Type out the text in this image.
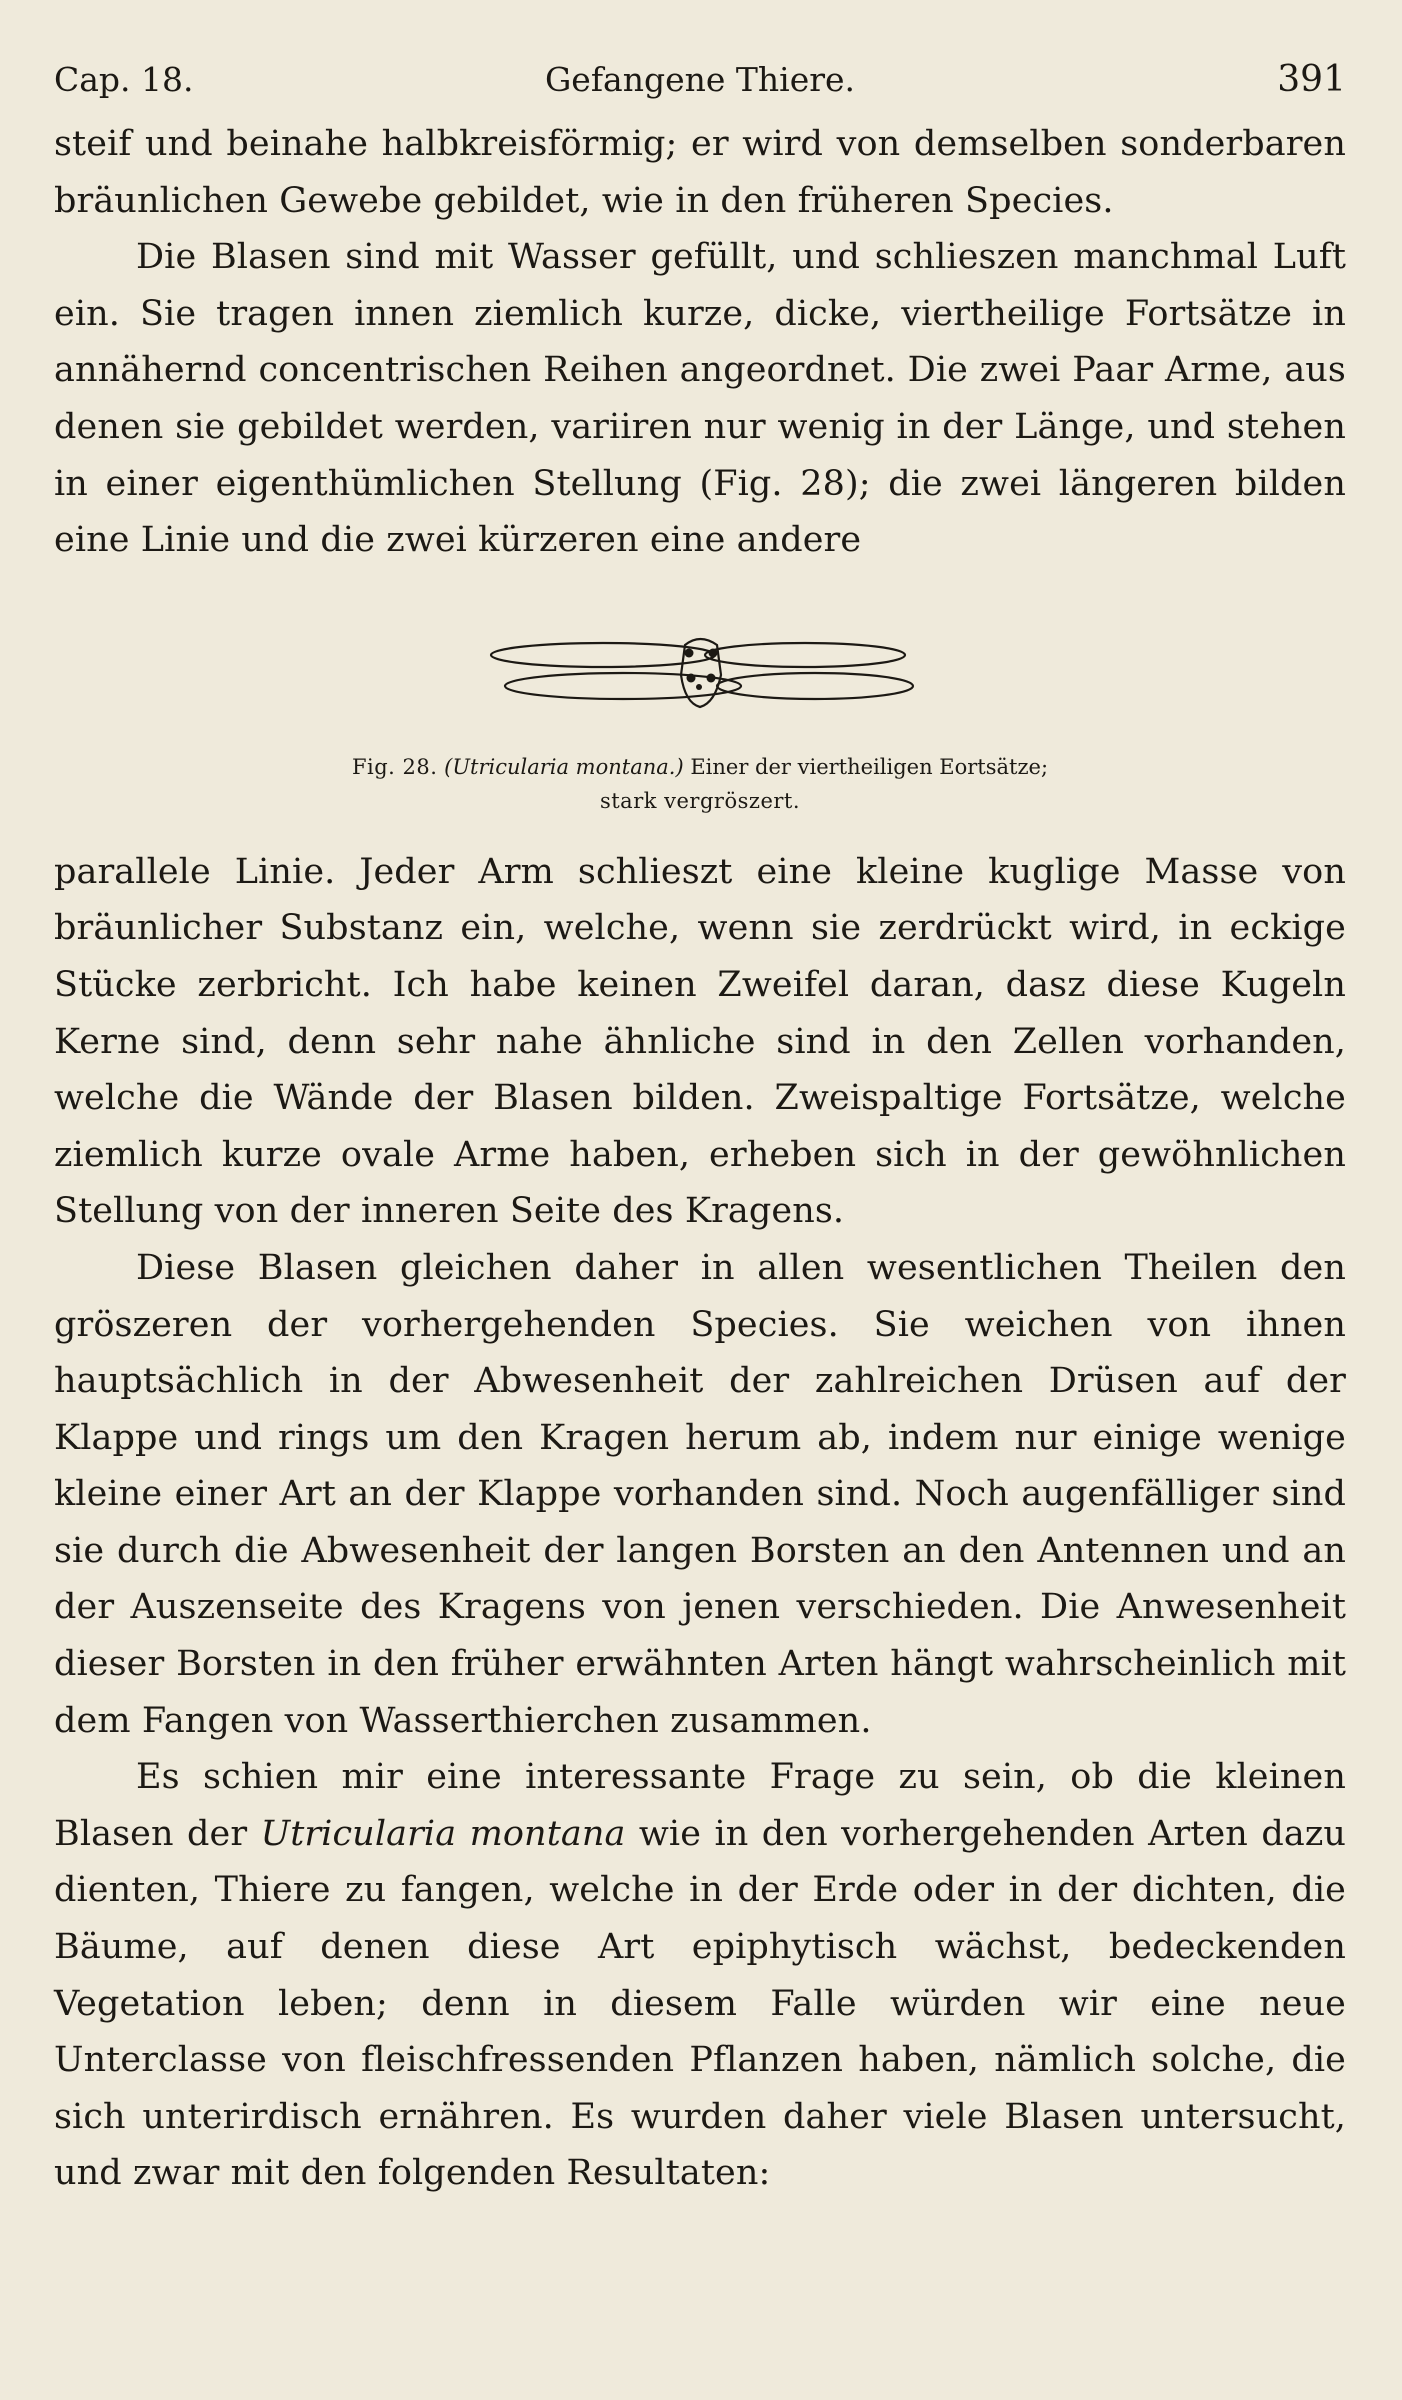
Cap. 18.	Gefangene Thiere.	391

steif und beinahe halbkreisförmig; er wird von demselben sonderbaren bräunlichen Gewebe gebildet, wie in den früheren Species.

Die Blasen sind mit Wasser gefüllt, und schlieszen manchmal Luft ein. Sie tragen innen ziemlich kurze, dicke, viertheilige Fortsätze in annähernd concentrischen Reihen angeordnet. Die zwei Paar Arme, aus denen sie gebildet werden, variiren nur wenig in der Länge, und stehen in einer eigenthümlichen Stellung (Fig. 28); die zwei längeren bilden eine Linie und die zwei kürzeren eine andere

Fig. 28. (Utricularia montana.) Einer der viertheiligen Eortsätze;
stark vergröszert.

parallele Linie. Jeder Arm schlieszt eine kleine kuglige Masse von bräunlicher Substanz ein, welche, wenn sie zerdrückt wird, in eckige Stücke zerbricht. Ich habe keinen Zweifel daran, dasz diese Kugeln Kerne sind, denn sehr nahe ähnliche sind in den Zellen vorhanden, welche die Wände der Blasen bilden. Zweispaltige Fortsätze, welche ziemlich kurze ovale Arme haben, erheben sich in der gewöhnlichen Stellung von der inneren Seite des Kragens.

Diese Blasen gleichen daher in allen wesentlichen Theilen den gröszeren der vorhergehenden Species. Sie weichen von ihnen hauptsächlich in der Abwesenheit der zahlreichen Drüsen auf der Klappe und rings um den Kragen herum ab, indem nur einige wenige kleine einer Art an der Klappe vorhanden sind. Noch augenfälliger sind sie durch die Abwesenheit der langen Borsten an den Antennen und an der Auszenseite des Kragens von jenen verschieden. Die Anwesenheit dieser Borsten in den früher erwähnten Arten hängt wahrscheinlich mit dem Fangen von Wasserthierchen zusammen.

Es schien mir eine interessante Frage zu sein, ob die kleinen Blasen der Utricularia montana wie in den vorhergehenden Arten dazu dienten, Thiere zu fangen, welche in der Erde oder in der dichten, die Bäume, auf denen diese Art epiphytisch wächst, bedeckenden Vegetation leben; denn in diesem Falle würden wir eine neue Unterclasse von fleischfressenden Pflanzen haben, nämlich solche, die sich unterirdisch ernähren. Es wurden daher viele Blasen untersucht, und zwar mit den folgenden Resultaten:
